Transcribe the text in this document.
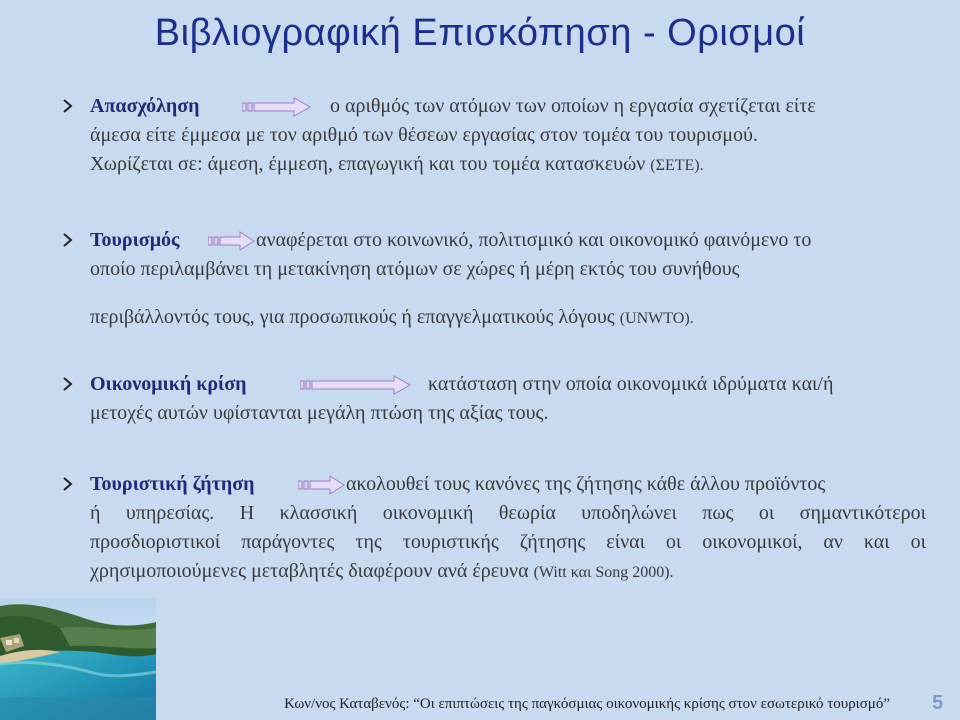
Βιβλιογραφική Επισκόπηση - Ορισμοί
Απασχόληση	ο αριθμός των ατόμων των οποίων η εργασία σχετίζεται είτε
άμεσα είτε έμμεσα με τον αριθμό των θέσεων εργασίας στον τομέα του τουρισμού.
Χωρίζεται σε: άμεση, έμμεση, επαγωγική και του τομέα κατασκευών (ΣΕΤΕ).
Τουρισμός	αναφέρεται στο κοινωνικό, πολιτισμικό και οικονομικό φαινόμενο το
οποίο περιλαμβάνει τη μετακίνηση ατόμων σε χώρες ή μέρη εκτός του συνήθους
περιβάλλοντός τους, για προσωπικούς ή επαγγελματικούς λόγους (UNWTO).
Οικονομική κρίση	κατάσταση στην οποία οικονομικά ιδρύματα και/ή
μετοχές αυτών υφίστανται μεγάλη πτώση της αξίας τους.
Τουριστική ζήτηση	ακολουθεί τους κανόνες της ζήτησης κάθε άλλου προϊόντος
ή υπηρεσίας. Η κλασσική οικονομική θεωρία υποδηλώνει πως οι σημαντικότεροι
προσδιοριστικοί παράγοντες της τουριστικής ζήτησης είναι οι οικονομικοί, αν και οι
χρησιμοποιούμενες μεταβλητές διαφέρουν ανά έρευνα (Witt και Song 2000).
Κων/νος Καταβενός: “Οι επιπτώσεις της παγκόσμιας οικονομικής κρίσης στον εσωτερικό τουρισμό” 5
